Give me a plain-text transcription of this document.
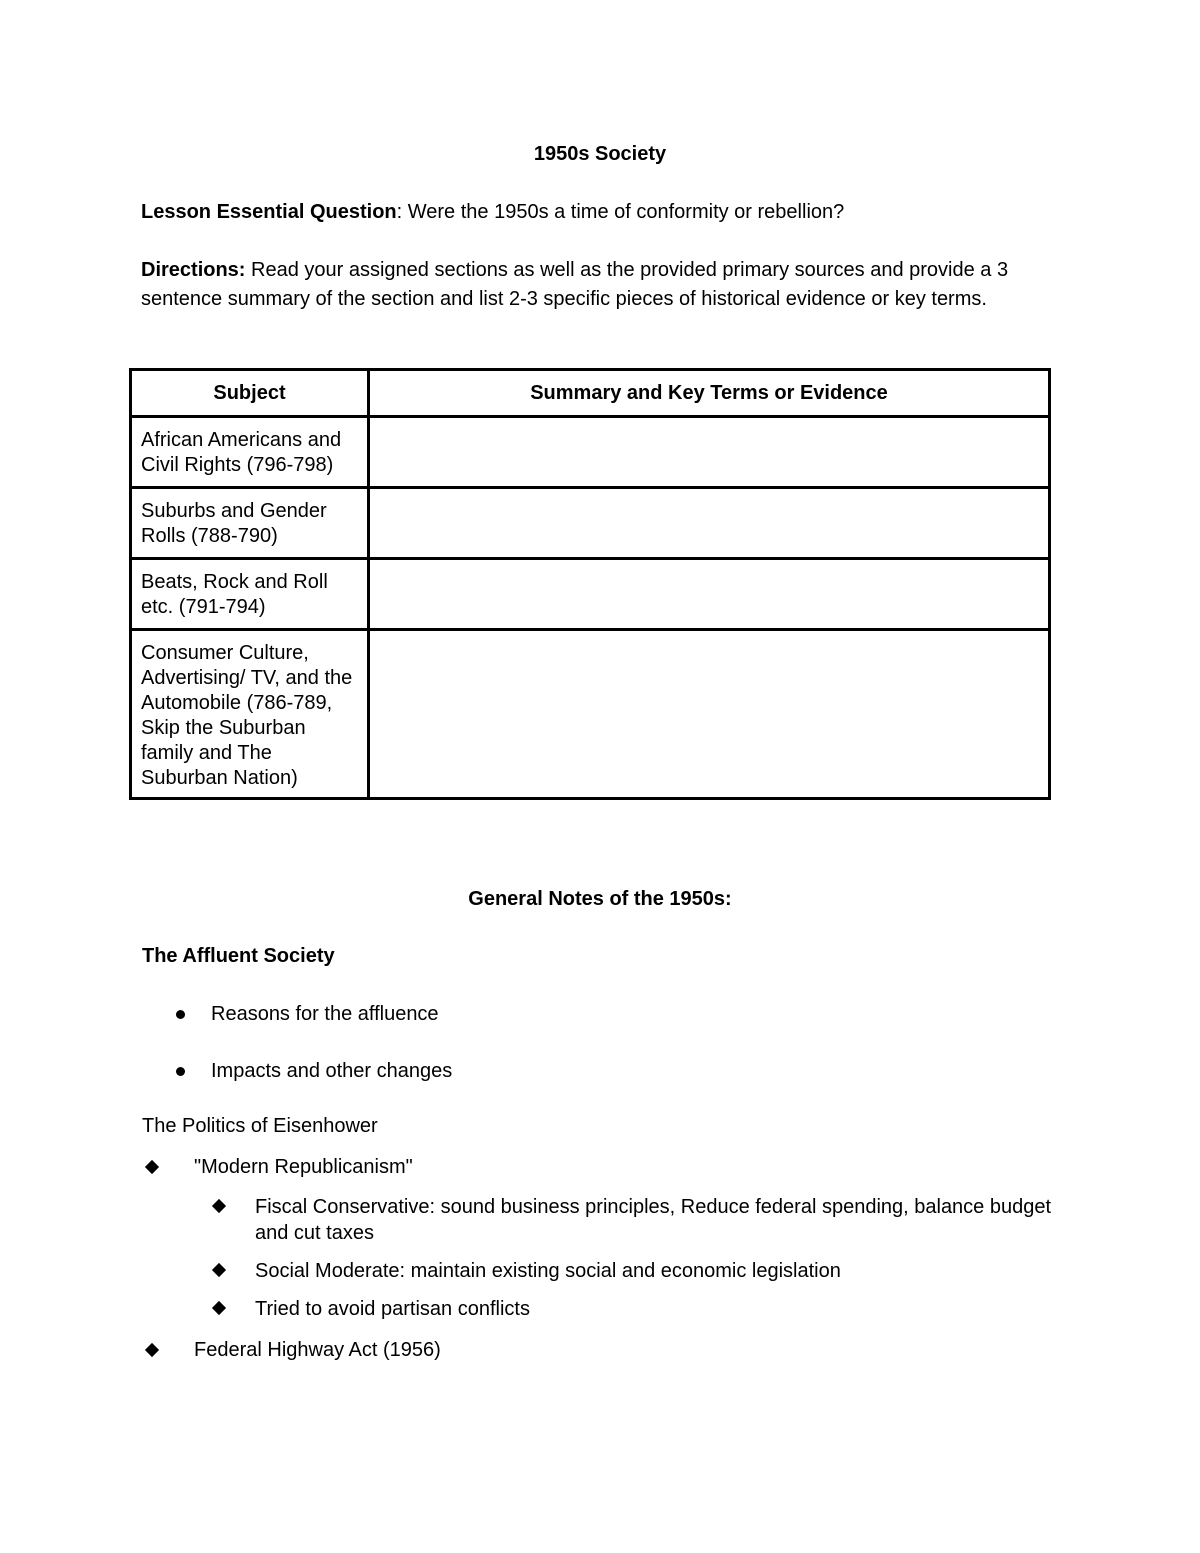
1950s Society
Lesson Essential Question: Were the 1950s a time of conformity or rebellion?
Directions: Read your assigned sections as well as the provided primary sources and provide a 3 sentence summary of the section and list 2-3 specific pieces of historical evidence or key terms.
Subject	Summary and Key Terms or Evidence

African Americans and Civil Rights (796-798)	

Suburbs and Gender Rolls (788-790)	

Beats, Rock and Roll etc. (791-794)	

Consumer Culture, Advertising/ TV, and the Automobile (786-789, Skip the Suburban family and The Suburban Nation)	

General Notes of the 1950s:
The Affluent Society
Reasons for the affluence
Impacts and other changes
The Politics of Eisenhower
"Modern Republicanism"
Fiscal Conservative: sound business principles, Reduce federal spending, balance budget and cut taxes
Social Moderate: maintain existing social and economic legislation
Tried to avoid partisan conflicts
Federal Highway Act (1956)
